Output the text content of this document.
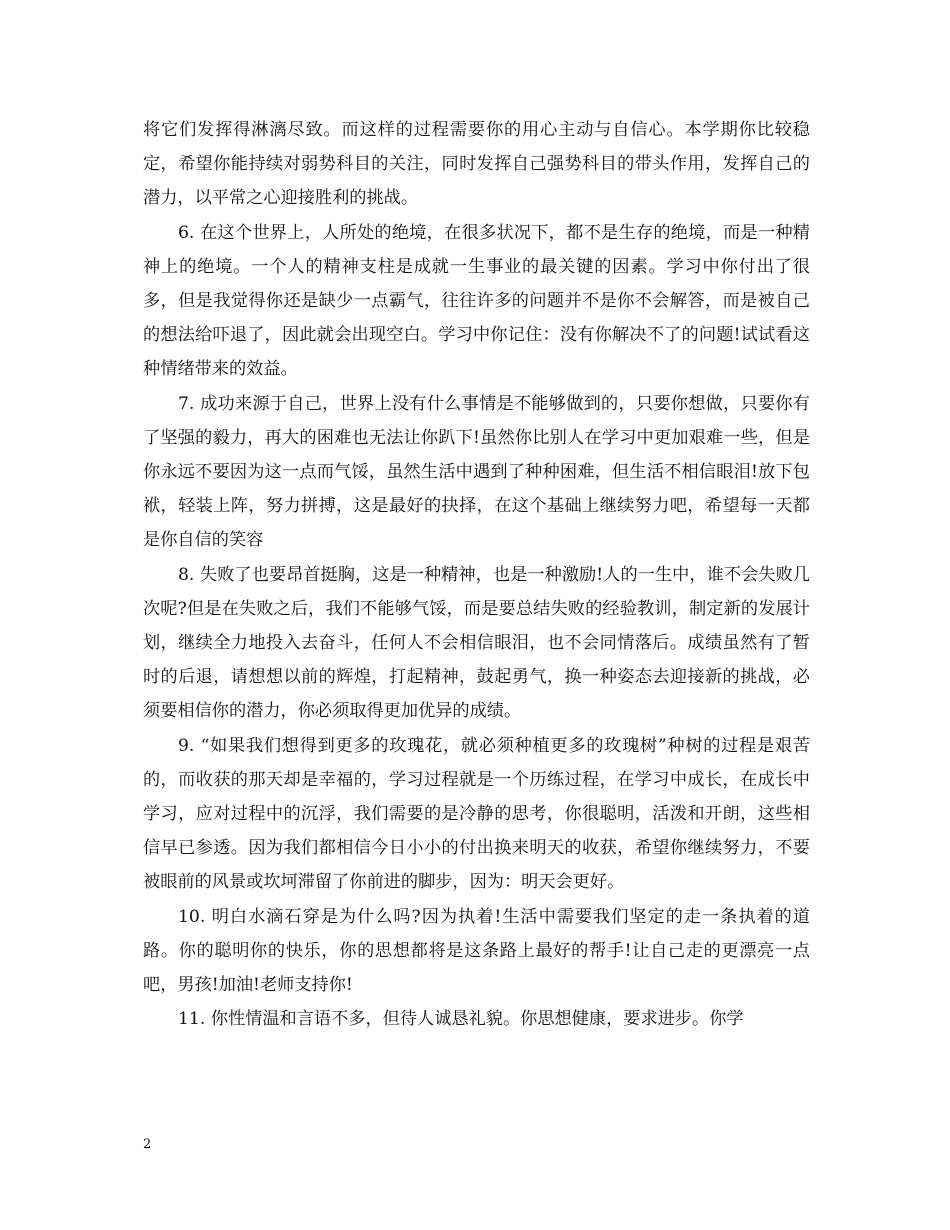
将它们发挥得淋漓尽致。而这样的过程需要你的用心主动与自信心。本学期你比较稳定，希望你能持续对弱势科目的关注，同时发挥自己强势科目的带头作用，发挥自己的潜力，以平常之心迎接胜利的挑战。

6. 在这个世界上，人所处的绝境，在很多状况下，都不是生存的绝境，而是一种精神上的绝境。一个人的精神支柱是成就一生事业的最关键的因素。学习中你付出了很多，但是我觉得你还是缺少一点霸气，往往许多的问题并不是你不会解答，而是被自己的想法给吓退了，因此就会出现空白。学习中你记住：没有你解决不了的问题!试试看这种情绪带来的效益。

7. 成功来源于自己，世界上没有什么事情是不能够做到的，只要你想做，只要你有了坚强的毅力，再大的困难也无法让你趴下!虽然你比别人在学习中更加艰难一些，但是你永远不要因为这一点而气馁，虽然生活中遇到了种种困难，但生活不相信眼泪!放下包袱，轻装上阵，努力拼搏，这是最好的抉择，在这个基础上继续努力吧，希望每一天都是你自信的笑容

8. 失败了也要昂首挺胸，这是一种精神，也是一种激励!人的一生中，谁不会失败几次呢?但是在失败之后，我们不能够气馁，而是要总结失败的经验教训，制定新的发展计划，继续全力地投入去奋斗，任何人不会相信眼泪，也不会同情落后。成绩虽然有了暂时的后退，请想想以前的辉煌，打起精神，鼓起勇气，换一种姿态去迎接新的挑战，必须要相信你的潜力，你必须取得更加优异的成绩。

9. “如果我们想得到更多的玫瑰花，就必须种植更多的玫瑰树”种树的过程是艰苦的，而收获的那天却是幸福的，学习过程就是一个历练过程，在学习中成长，在成长中学习，应对过程中的沉浮，我们需要的是冷静的思考，你很聪明，活泼和开朗，这些相信早已参透。因为我们都相信今日小小的付出换来明天的收获，希望你继续努力，不要被眼前的风景或坎坷滞留了你前进的脚步，因为：明天会更好。

10. 明白水滴石穿是为什么吗?因为执着!生活中需要我们坚定的走一条执着的道路。你的聪明你的快乐，你的思想都将是这条路上最好的帮手!让自己走的更漂亮一点吧，男孩!加油!老师支持你!

11. 你性情温和言语不多，但待人诚恳礼貌。你思想健康，要求进步。你学

2
